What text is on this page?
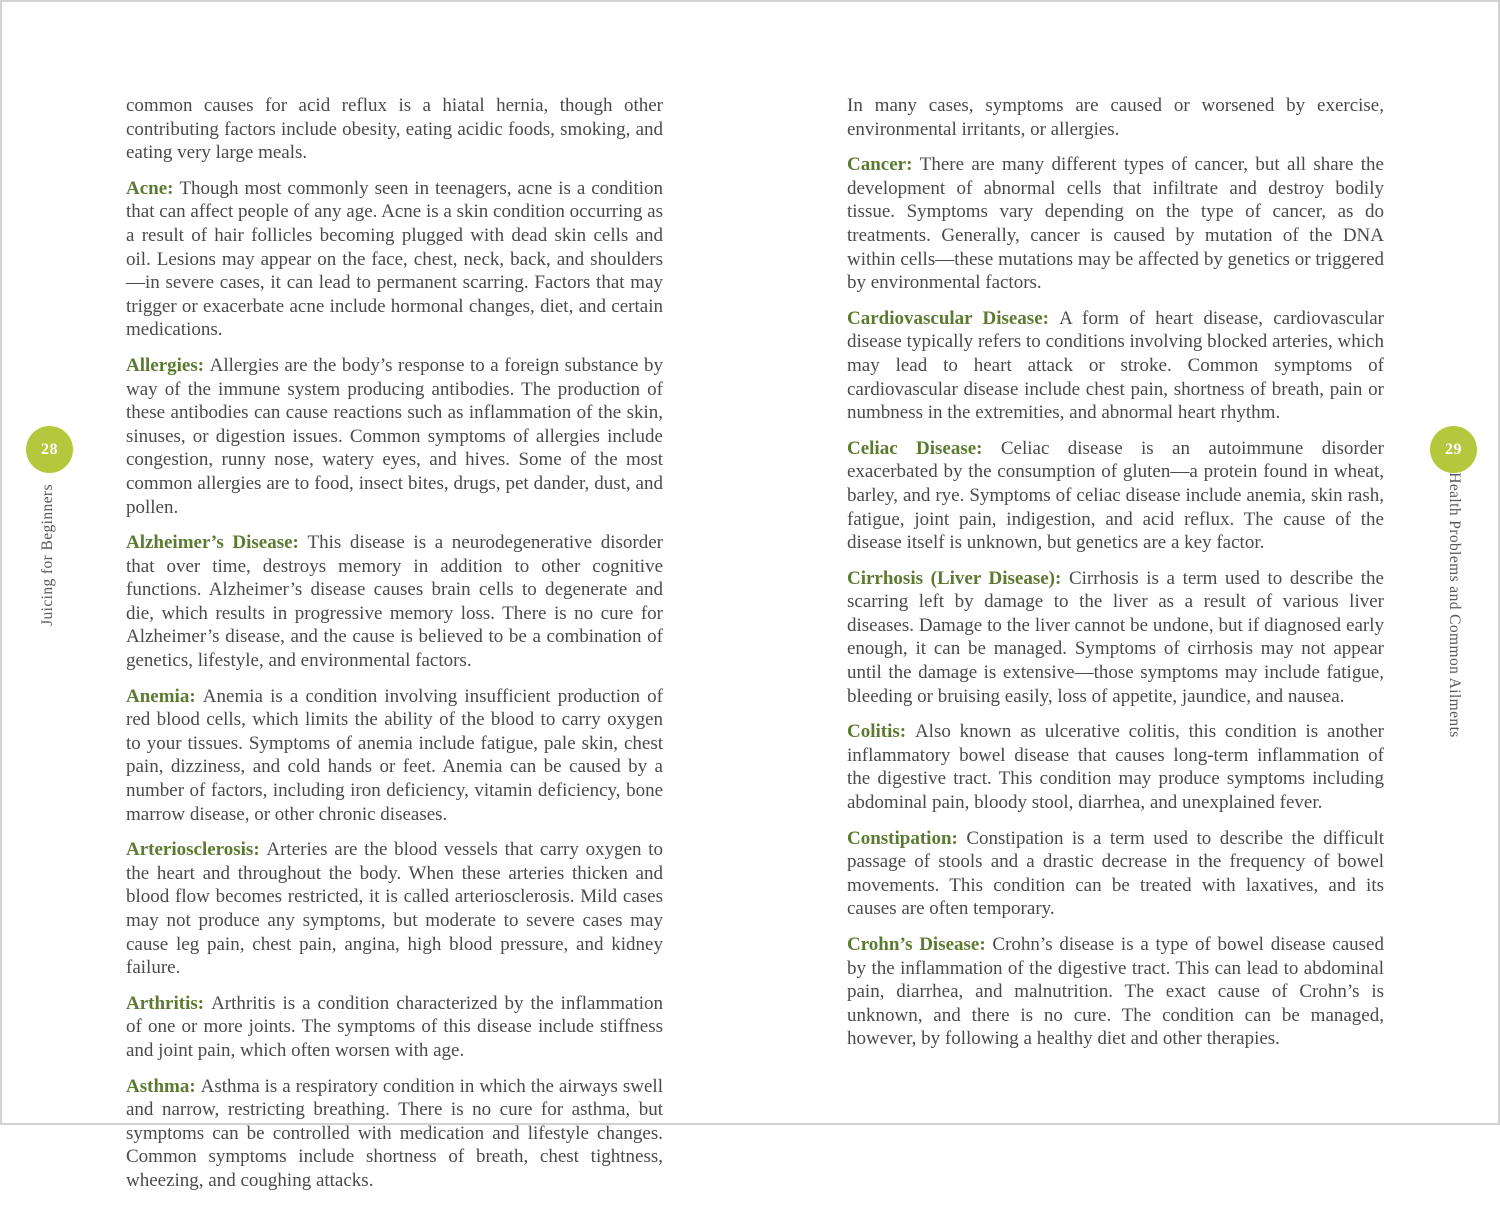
common causes for acid reflux is a hiatal hernia, though other contributing factors include obesity, eating acidic foods, smoking, and eating very large meals.

Acne: Though most commonly seen in teenagers, acne is a condition that can affect people of any age. Acne is a skin condition occurring as a result of hair follicles becoming plugged with dead skin cells and oil. Lesions may appear on the face, chest, neck, back, and shoulders—in severe cases, it can lead to permanent scarring. Factors that may trigger or exacerbate acne include hormonal changes, diet, and certain medications.

Allergies: Allergies are the body’s response to a foreign substance by way of the immune system producing antibodies. The production of these antibodies can cause reactions such as inflammation of the skin, sinuses, or digestion issues. Common symptoms of allergies include congestion, runny nose, watery eyes, and hives. Some of the most common allergies are to food, insect bites, drugs, pet dander, dust, and pollen.

Alzheimer’s Disease: This disease is a neurodegenerative disorder that over time, destroys memory in addition to other cognitive functions. Alzheimer’s disease causes brain cells to degenerate and die, which results in progressive memory loss. There is no cure for Alzheimer’s disease, and the cause is believed to be a combination of genetics, lifestyle, and environmental factors.

Anemia: Anemia is a condition involving insufficient production of red blood cells, which limits the ability of the blood to carry oxygen to your tissues. Symptoms of anemia include fatigue, pale skin, chest pain, dizziness, and cold hands or feet. Anemia can be caused by a number of factors, including iron deficiency, vitamin deficiency, bone marrow disease, or other chronic diseases.

Arteriosclerosis: Arteries are the blood vessels that carry oxygen to the heart and throughout the body. When these arteries thicken and blood flow becomes restricted, it is called arteriosclerosis. Mild cases may not produce any symptoms, but moderate to severe cases may cause leg pain, chest pain, angina, high blood pressure, and kidney failure.

Arthritis: Arthritis is a condition characterized by the inflammation of one or more joints. The symptoms of this disease include stiffness and joint pain, which often worsen with age.

Asthma: Asthma is a respiratory condition in which the airways swell and narrow, restricting breathing. There is no cure for asthma, but symptoms can be controlled with medication and lifestyle changes. Common symptoms include shortness of breath, chest tightness, wheezing, and coughing attacks.

In many cases, symptoms are caused or worsened by exercise, environmental irritants, or allergies.

Cancer: There are many different types of cancer, but all share the development of abnormal cells that infiltrate and destroy bodily tissue. Symptoms vary depending on the type of cancer, as do treatments. Generally, cancer is caused by mutation of the DNA within cells—these mutations may be affected by genetics or triggered by environmental factors.

Cardiovascular Disease: A form of heart disease, cardiovascular disease typically refers to conditions involving blocked arteries, which may lead to heart attack or stroke. Common symptoms of cardiovascular disease include chest pain, shortness of breath, pain or numbness in the extremities, and abnormal heart rhythm.

Celiac Disease: Celiac disease is an autoimmune disorder exacerbated by the consumption of gluten—a protein found in wheat, barley, and rye. Symptoms of celiac disease include anemia, skin rash, fatigue, joint pain, indigestion, and acid reflux. The cause of the disease itself is unknown, but genetics are a key factor.

Cirrhosis (Liver Disease): Cirrhosis is a term used to describe the scarring left by damage to the liver as a result of various liver diseases. Damage to the liver cannot be undone, but if diagnosed early enough, it can be managed. Symptoms of cirrhosis may not appear until the damage is extensive—those symptoms may include fatigue, bleeding or bruising easily, loss of appetite, jaundice, and nausea.

Colitis: Also known as ulcerative colitis, this condition is another inflammatory bowel disease that causes long-term inflammation of the digestive tract. This condition may produce symptoms including abdominal pain, bloody stool, diarrhea, and unexplained fever.

Constipation: Constipation is a term used to describe the difficult passage of stools and a drastic decrease in the frequency of bowel movements. This condition can be treated with laxatives, and its causes are often temporary.

Crohn’s Disease: Crohn’s disease is a type of bowel disease caused by the inflammation of the digestive tract. This can lead to abdominal pain, diarrhea, and malnutrition. The exact cause of Crohn’s is unknown, and there is no cure. The condition can be managed, however, by following a healthy diet and other therapies.

28	29
Juicing for Beginners	Health Problems and Common Ailments
